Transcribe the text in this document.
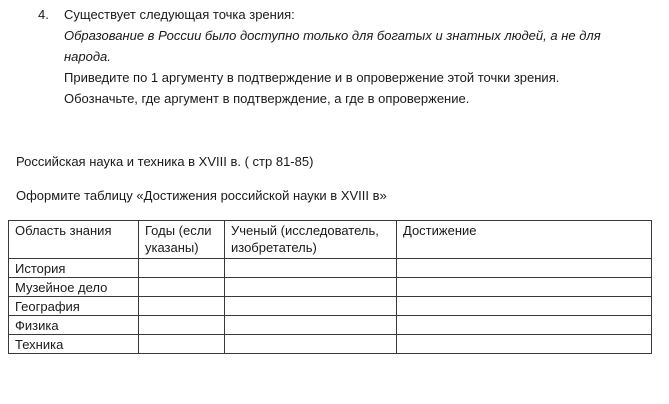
4.	Существует следующая точка зрения:
Образование в России было доступно только для богатых и знатных людей, а не для
народа.
Приведите по 1 аргументу в подтверждение и в опровержение этой точки зрения.
Обозначьте, где аргумент в подтверждение, а где в опровержение.
Российская наука и техника в XVIII в. ( стр 81-85)
Оформите таблицу «Достижения российской науки в XVIII в»
Область знания	Годы (если указаны)	Ученый (исследователь, изобретатель)	Достижение
История			
Музейное дело			
География			
Физика			
Техника			
